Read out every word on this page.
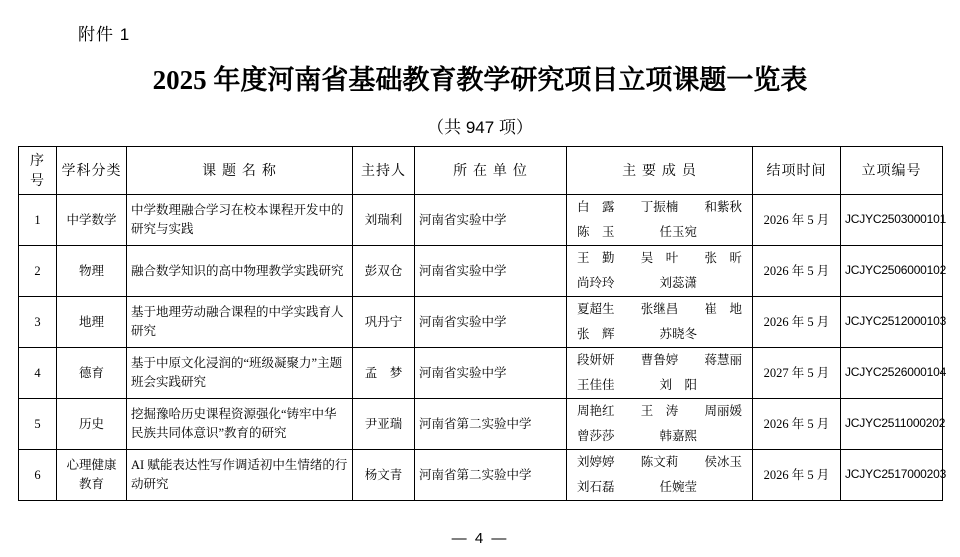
附件 1
2025 年度河南省基础教育教学研究项目立项课题一览表
（共 947 项）
序号	学科分类	课 题 名 称	主持人	所 在 单 位	主 要 成 员	结项时间	立项编号
1	中学数学	中学数理融合学习在校本课程开发中的研究与实践	刘瑞利	河南省实验中学	白　露 丁振楠 和紫秋
陈　玉 任玉宛	2026 年 5 月	JCJYC2503000101
2	物理	融合数学知识的高中物理教学实践研究	彭双仓	河南省实验中学	王　勤 吴　叶 张　昕
尚玲玲 刘蕊潇	2026 年 5 月	JCJYC2506000102
3	地理	基于地理劳动融合课程的中学实践育人研究	巩丹宁	河南省实验中学	夏超生 张继昌 崔　地
张　辉 苏晓冬	2026 年 5 月	JCJYC2512000103
4	德育	基于中原文化浸润的“班级凝聚力”主题班会实践研究	孟　梦	河南省实验中学	段妍妍 曹鲁婷 蒋慧丽
王佳佳 刘　阳	2027 年 5 月	JCJYC2526000104
5	历史	挖掘豫哈历史课程资源强化“铸牢中华民族共同体意识”教育的研究	尹亚瑞	河南省第二实验中学	周艳红 王　涛 周丽媛
曾莎莎 韩嘉熙	2026 年 5 月	JCJYC2511000202
6	心理健康教育	AI 赋能表达性写作调适初中生情绪的行动研究	杨文青	河南省第二实验中学	刘婷婷 陈文莉 侯冰玉
刘石磊 任婉莹	2026 年 5 月	JCJYC2517000203
— 4 —
